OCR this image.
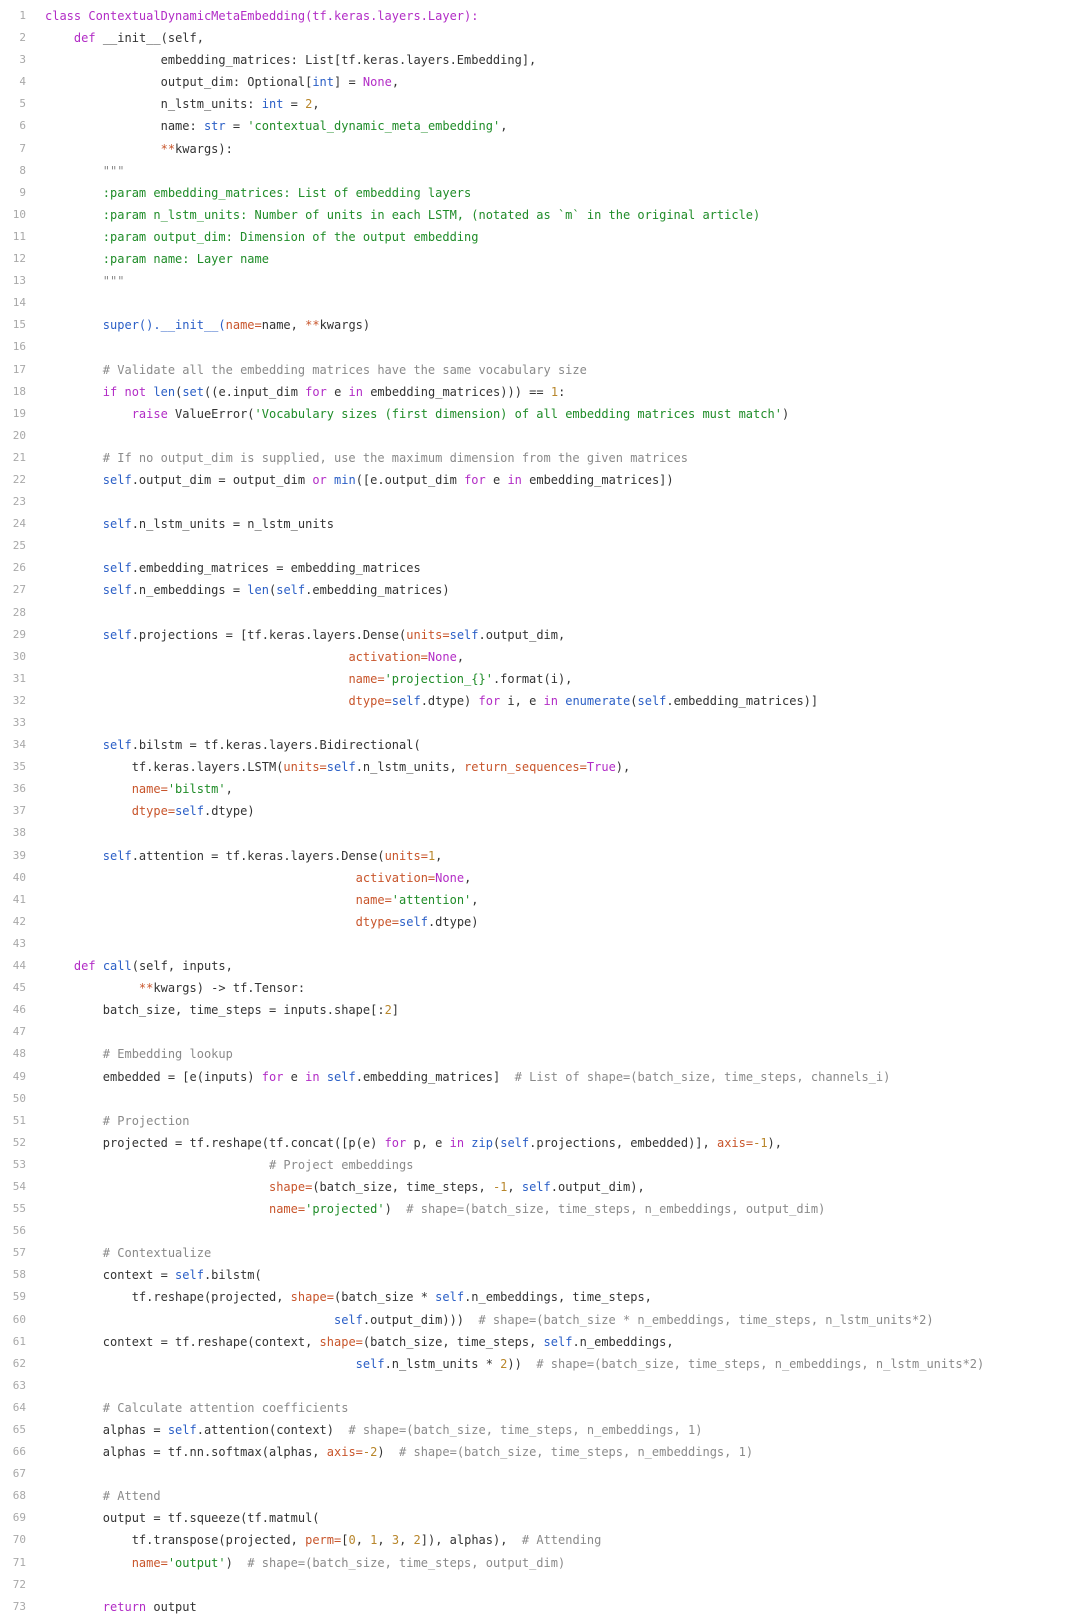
1 class ContextualDynamicMetaEmbedding(tf.keras.layers.Layer):
2	def __init__(self,
3 embedding_matrices: List[tf.keras.layers.Embedding],
4 output_dim: Optional[int] = None,
5 n_lstm_units: int = 2,
6 name: str = 'contextual_dynamic_meta_embedding',
7	**kwargs):
8 """
9 :param embedding_matrices: List of embedding layers
10 :param n_lstm_units: Number of units in each LSTM, (notated as `m` in the original article)
11 :param output_dim: Dimension of the output embedding
12 :param name: Layer name
13 """
14
15	super().__init__(name=name, **kwargs)
16
17 # Validate all the embedding matrices have the same vocabulary size
18	if not len(set((e.input_dim for e in embedding_matrices))) == 1:
19	raise ValueError('Vocabulary sizes (first dimension) of all embedding matrices must match')
20
21 # If no output_dim is supplied, use the maximum dimension from the given matrices
22	self.output_dim = output_dim or min([e.output_dim for e in embedding_matrices])
23
24	self.n_lstm_units = n_lstm_units
25
26	self.embedding_matrices = embedding_matrices
27	self.n_embeddings = len(self.embedding_matrices)
28
29	self.projections = [tf.keras.layers.Dense(units=self.output_dim,
30	activation=None,
31	name='projection_{}'.format(i),
32	dtype=self.dtype) for i, e in enumerate(self.embedding_matrices)]
33
34	self.bilstm = tf.keras.layers.Bidirectional(
35 tf.keras.layers.LSTM(units=self.n_lstm_units, return_sequences=True),
36	name='bilstm',
37	dtype=self.dtype)
38
39	self.attention = tf.keras.layers.Dense(units=1,
40	activation=None,
41	name='attention',
42	dtype=self.dtype)
43
44	def call(self, inputs,
45	**kwargs) -> tf.Tensor:
46 batch_size, time_steps = inputs.shape[:2]
47
48 # Embedding lookup
49 embedded = [e(inputs) for e in self.embedding_matrices]  # List of shape=(batch_size, time_steps, channels_i)
50
51 # Projection
52 projected = tf.reshape(tf.concat([p(e) for p, e in zip(self.projections, embedded)], axis=-1),
53	# Project embeddings
54	shape=(batch_size, time_steps, -1, self.output_dim),
55	name='projected')  # shape=(batch_size, time_steps, n_embeddings, output_dim)
56
57 # Contextualize
58 context = self.bilstm(
59 tf.reshape(projected, shape=(batch_size * self.n_embeddings, time_steps,
60	self.output_dim)))  # shape=(batch_size * n_embeddings, time_steps, n_lstm_units*2)
61 context = tf.reshape(context, shape=(batch_size, time_steps, self.n_embeddings,
62	self.n_lstm_units * 2))  # shape=(batch_size, time_steps, n_embeddings, n_lstm_units*2)
63
64 # Calculate attention coefficients
65 alphas = self.attention(context)  # shape=(batch_size, time_steps, n_embeddings, 1)
66 alphas = tf.nn.softmax(alphas, axis=-2)  # shape=(batch_size, time_steps, n_embeddings, 1)
67
68 # Attend
69 output = tf.squeeze(tf.matmul(
70 tf.transpose(projected, perm=[0, 1, 3, 2]), alphas),  # Attending
71	name='output')  # shape=(batch_size, time_steps, output_dim)
72
73	return output
